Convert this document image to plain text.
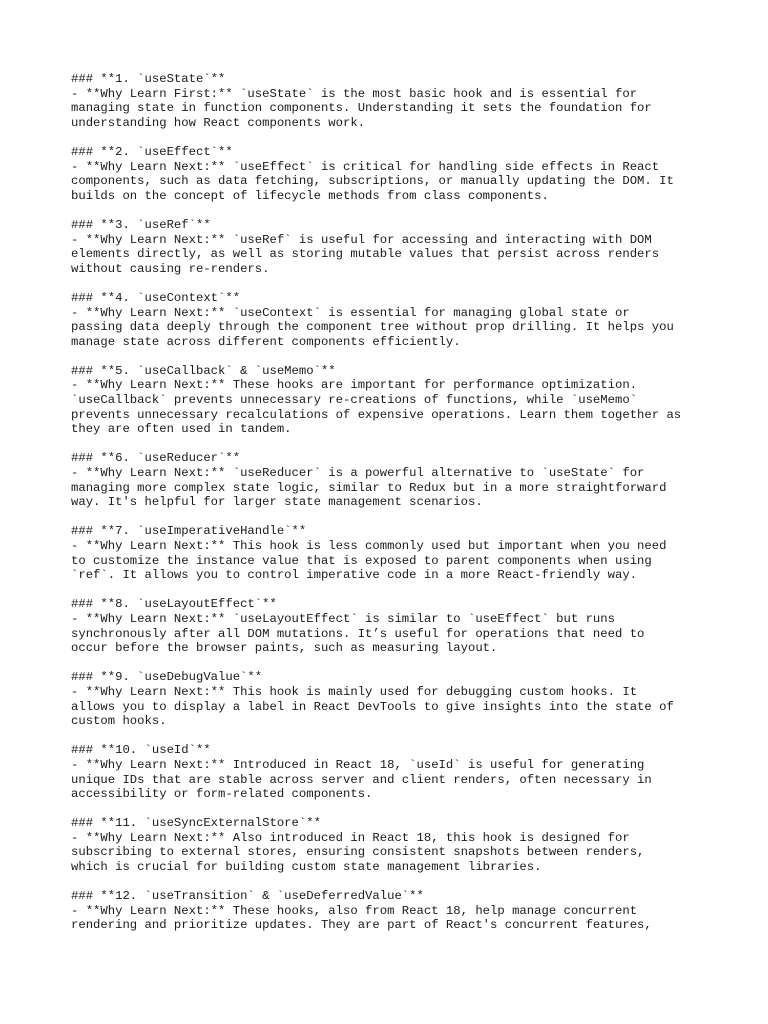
### **1. `useState`**
- **Why Learn First:** `useState` is the most basic hook and is essential for
managing state in function components. Understanding it sets the foundation for
understanding how React components work.
### **2. `useEffect`**
- **Why Learn Next:** `useEffect` is critical for handling side effects in React
components, such as data fetching, subscriptions, or manually updating the DOM. It
builds on the concept of lifecycle methods from class components.
### **3. `useRef`**
- **Why Learn Next:** `useRef` is useful for accessing and interacting with DOM
elements directly, as well as storing mutable values that persist across renders
without causing re-renders.
### **4. `useContext`**
- **Why Learn Next:** `useContext` is essential for managing global state or
passing data deeply through the component tree without prop drilling. It helps you
manage state across different components efficiently.
### **5. `useCallback` & `useMemo`**
- **Why Learn Next:** These hooks are important for performance optimization.
`useCallback` prevents unnecessary re-creations of functions, while `useMemo`
prevents unnecessary recalculations of expensive operations. Learn them together as
they are often used in tandem.
### **6. `useReducer`**
- **Why Learn Next:** `useReducer` is a powerful alternative to `useState` for
managing more complex state logic, similar to Redux but in a more straightforward
way. It's helpful for larger state management scenarios.
### **7. `useImperativeHandle`**
- **Why Learn Next:** This hook is less commonly used but important when you need
to customize the instance value that is exposed to parent components when using
`ref`. It allows you to control imperative code in a more React-friendly way.
### **8. `useLayoutEffect`**
- **Why Learn Next:** `useLayoutEffect` is similar to `useEffect` but runs
synchronously after all DOM mutations. It’s useful for operations that need to
occur before the browser paints, such as measuring layout.
### **9. `useDebugValue`**
- **Why Learn Next:** This hook is mainly used for debugging custom hooks. It
allows you to display a label in React DevTools to give insights into the state of
custom hooks.
### **10. `useId`**
- **Why Learn Next:** Introduced in React 18, `useId` is useful for generating
unique IDs that are stable across server and client renders, often necessary in
accessibility or form-related components.
### **11. `useSyncExternalStore`**
- **Why Learn Next:** Also introduced in React 18, this hook is designed for
subscribing to external stores, ensuring consistent snapshots between renders,
which is crucial for building custom state management libraries.
### **12. `useTransition` & `useDeferredValue`**
- **Why Learn Next:** These hooks, also from React 18, help manage concurrent
rendering and prioritize updates. They are part of React's concurrent features,
